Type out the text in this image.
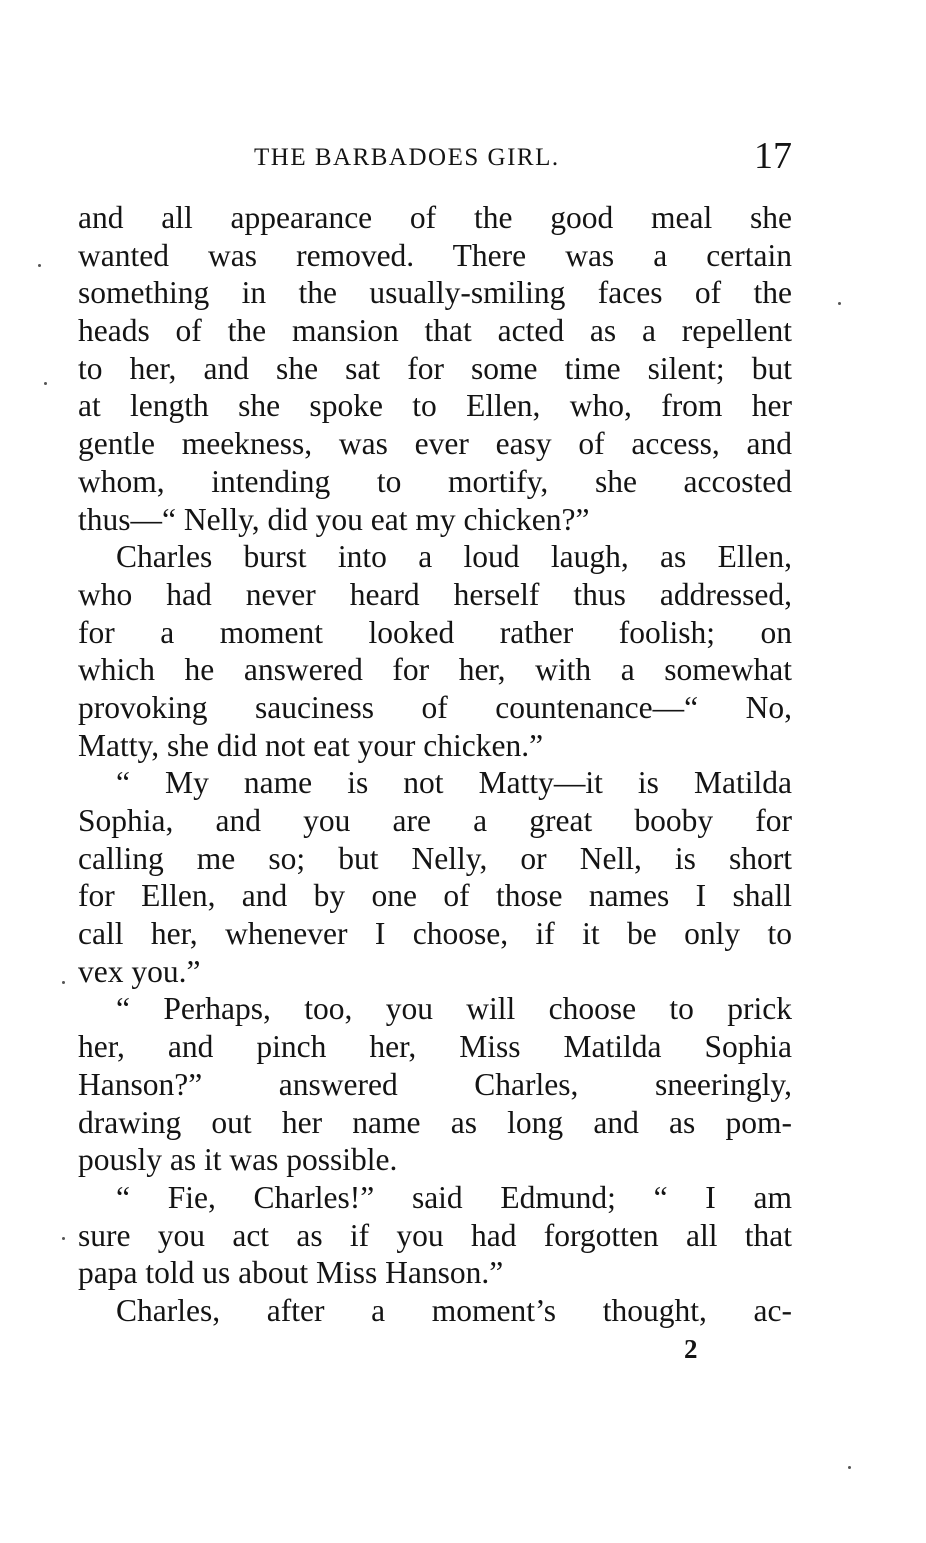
THE BARBADOES GIRL.	17
and all appearance of the good meal she
wanted was removed. There was a certain
something in the usually-smiling faces of the
heads of the mansion that acted as a repellent
to her, and she sat for some time silent; but
at length she spoke to Ellen, who, from her
gentle meekness, was ever easy of access, and
whom, intending to mortify, she accosted
thus—“ Nelly, did you eat my chicken?”
Charles burst into a loud laugh, as Ellen,
who had never heard herself thus addressed,
for a moment looked rather foolish; on
which he answered for her, with a somewhat
provoking sauciness of countenance—“ No,
Matty, she did not eat your chicken.”
“ My name is not Matty—it is Matilda
Sophia, and you are a great booby for
calling me so; but Nelly, or Nell, is short
for Ellen, and by one of those names I shall
call her, whenever I choose, if it be only to
vex you.”
“ Perhaps, too, you will choose to prick
her, and pinch her, Miss Matilda Sophia
Hanson?” answered Charles, sneeringly,
drawing out her name as long and as pom-
pously as it was possible.
“ Fie, Charles!” said Edmund; “ I am
sure you act as if you had forgotten all that
papa told us about Miss Hanson.”
Charles, after a moment’s thought, ac-
2
